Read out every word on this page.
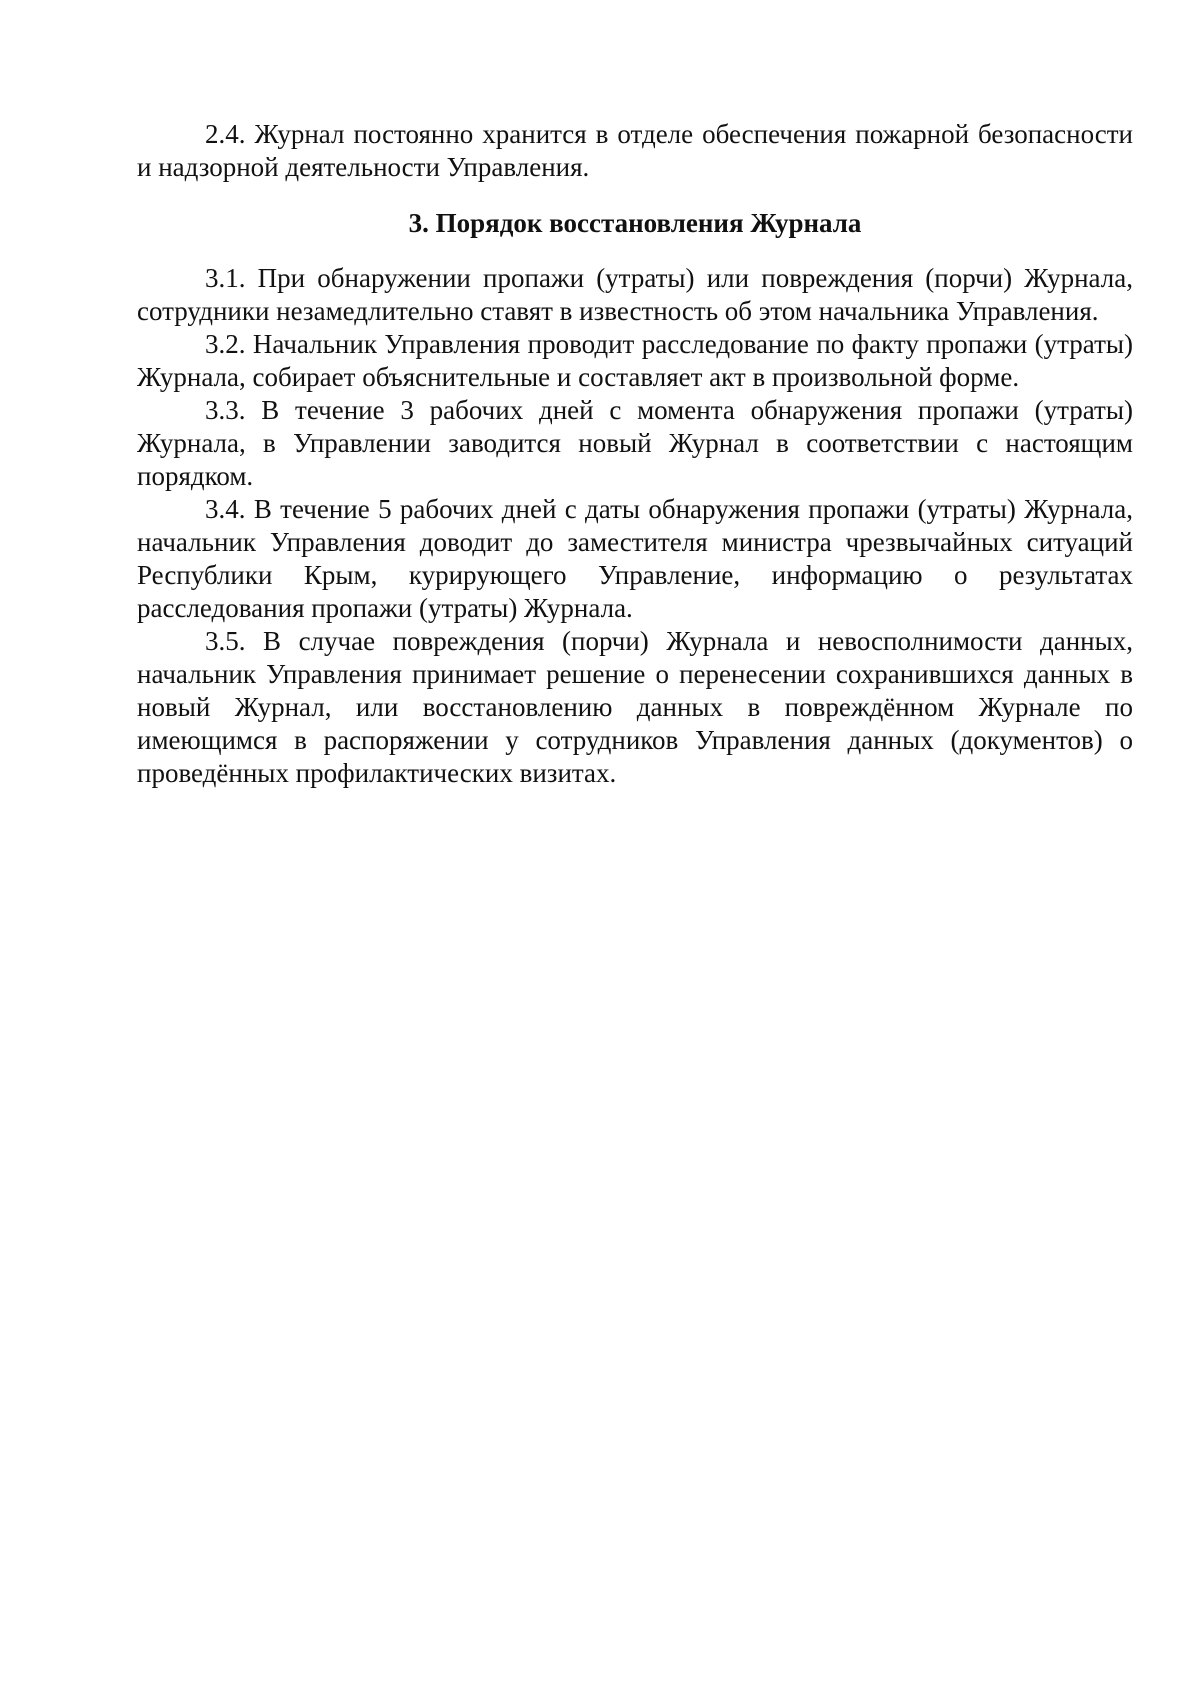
2.4. Журнал постоянно хранится в отделе обеспечения пожарной безопасности и надзорной деятельности Управления.

3. Порядок восстановления Журнала

3.1. При обнаружении пропажи (утраты) или повреждения (порчи) Журнала, сотрудники незамедлительно ставят в известность об этом начальника Управления.

3.2. Начальник Управления проводит расследование по факту пропажи (утраты) Журнала, собирает объяснительные и составляет акт в произвольной форме.

3.3. В течение 3 рабочих дней с момента обнаружения пропажи (утраты) Журнала, в Управлении заводится новый Журнал в соответствии с настоящим порядком.

3.4. В течение 5 рабочих дней с даты обнаружения пропажи (утраты) Журнала, начальник Управления доводит до заместителя министра чрезвычайных ситуаций Республики Крым, курирующего Управление, информацию о результатах расследования пропажи (утраты) Журнала.

3.5. В случае повреждения (порчи) Журнала и невосполнимости данных, начальник Управления принимает решение о перенесении сохранившихся данных в новый Журнал, или восстановлению данных в повреждённом Журнале по имеющимся в распоряжении у сотрудников Управления данных (документов) о проведённых профилактических визитах.
